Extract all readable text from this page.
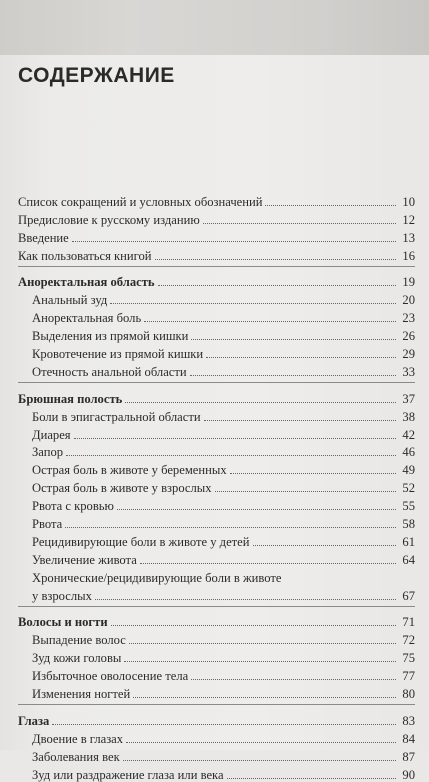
СОДЕРЖАНИЕ
Список сокращений и условных обозначений	10
Предисловие к русскому изданию	12
Введение	13
Как пользоваться книгой	16
Аноректальная область	19
Анальный зуд	20
Аноректальная боль	23
Выделения из прямой кишки	26
Кровотечение из прямой кишки	29
Отечность анальной области	33
Брюшная полость	37
Боли в эпигастральной области	38
Диарея	42
Запор	46
Острая боль в животе у беременных	49
Острая боль в животе у взрослых	52
Рвота с кровью	55
Рвота	58
Рецидивирующие боли в животе у детей	61
Увеличение живота	64
Хронические/рецидивирующие боли в животе
у взрослых	67
Волосы и ногти	71
Выпадение волос	72
Зуд кожи головы	75
Избыточное оволосение тела	77
Изменения ногтей	80
Глаза	83
Двоение в глазах	84
Заболевания век	87
Зуд или раздражение глаза или века	90
